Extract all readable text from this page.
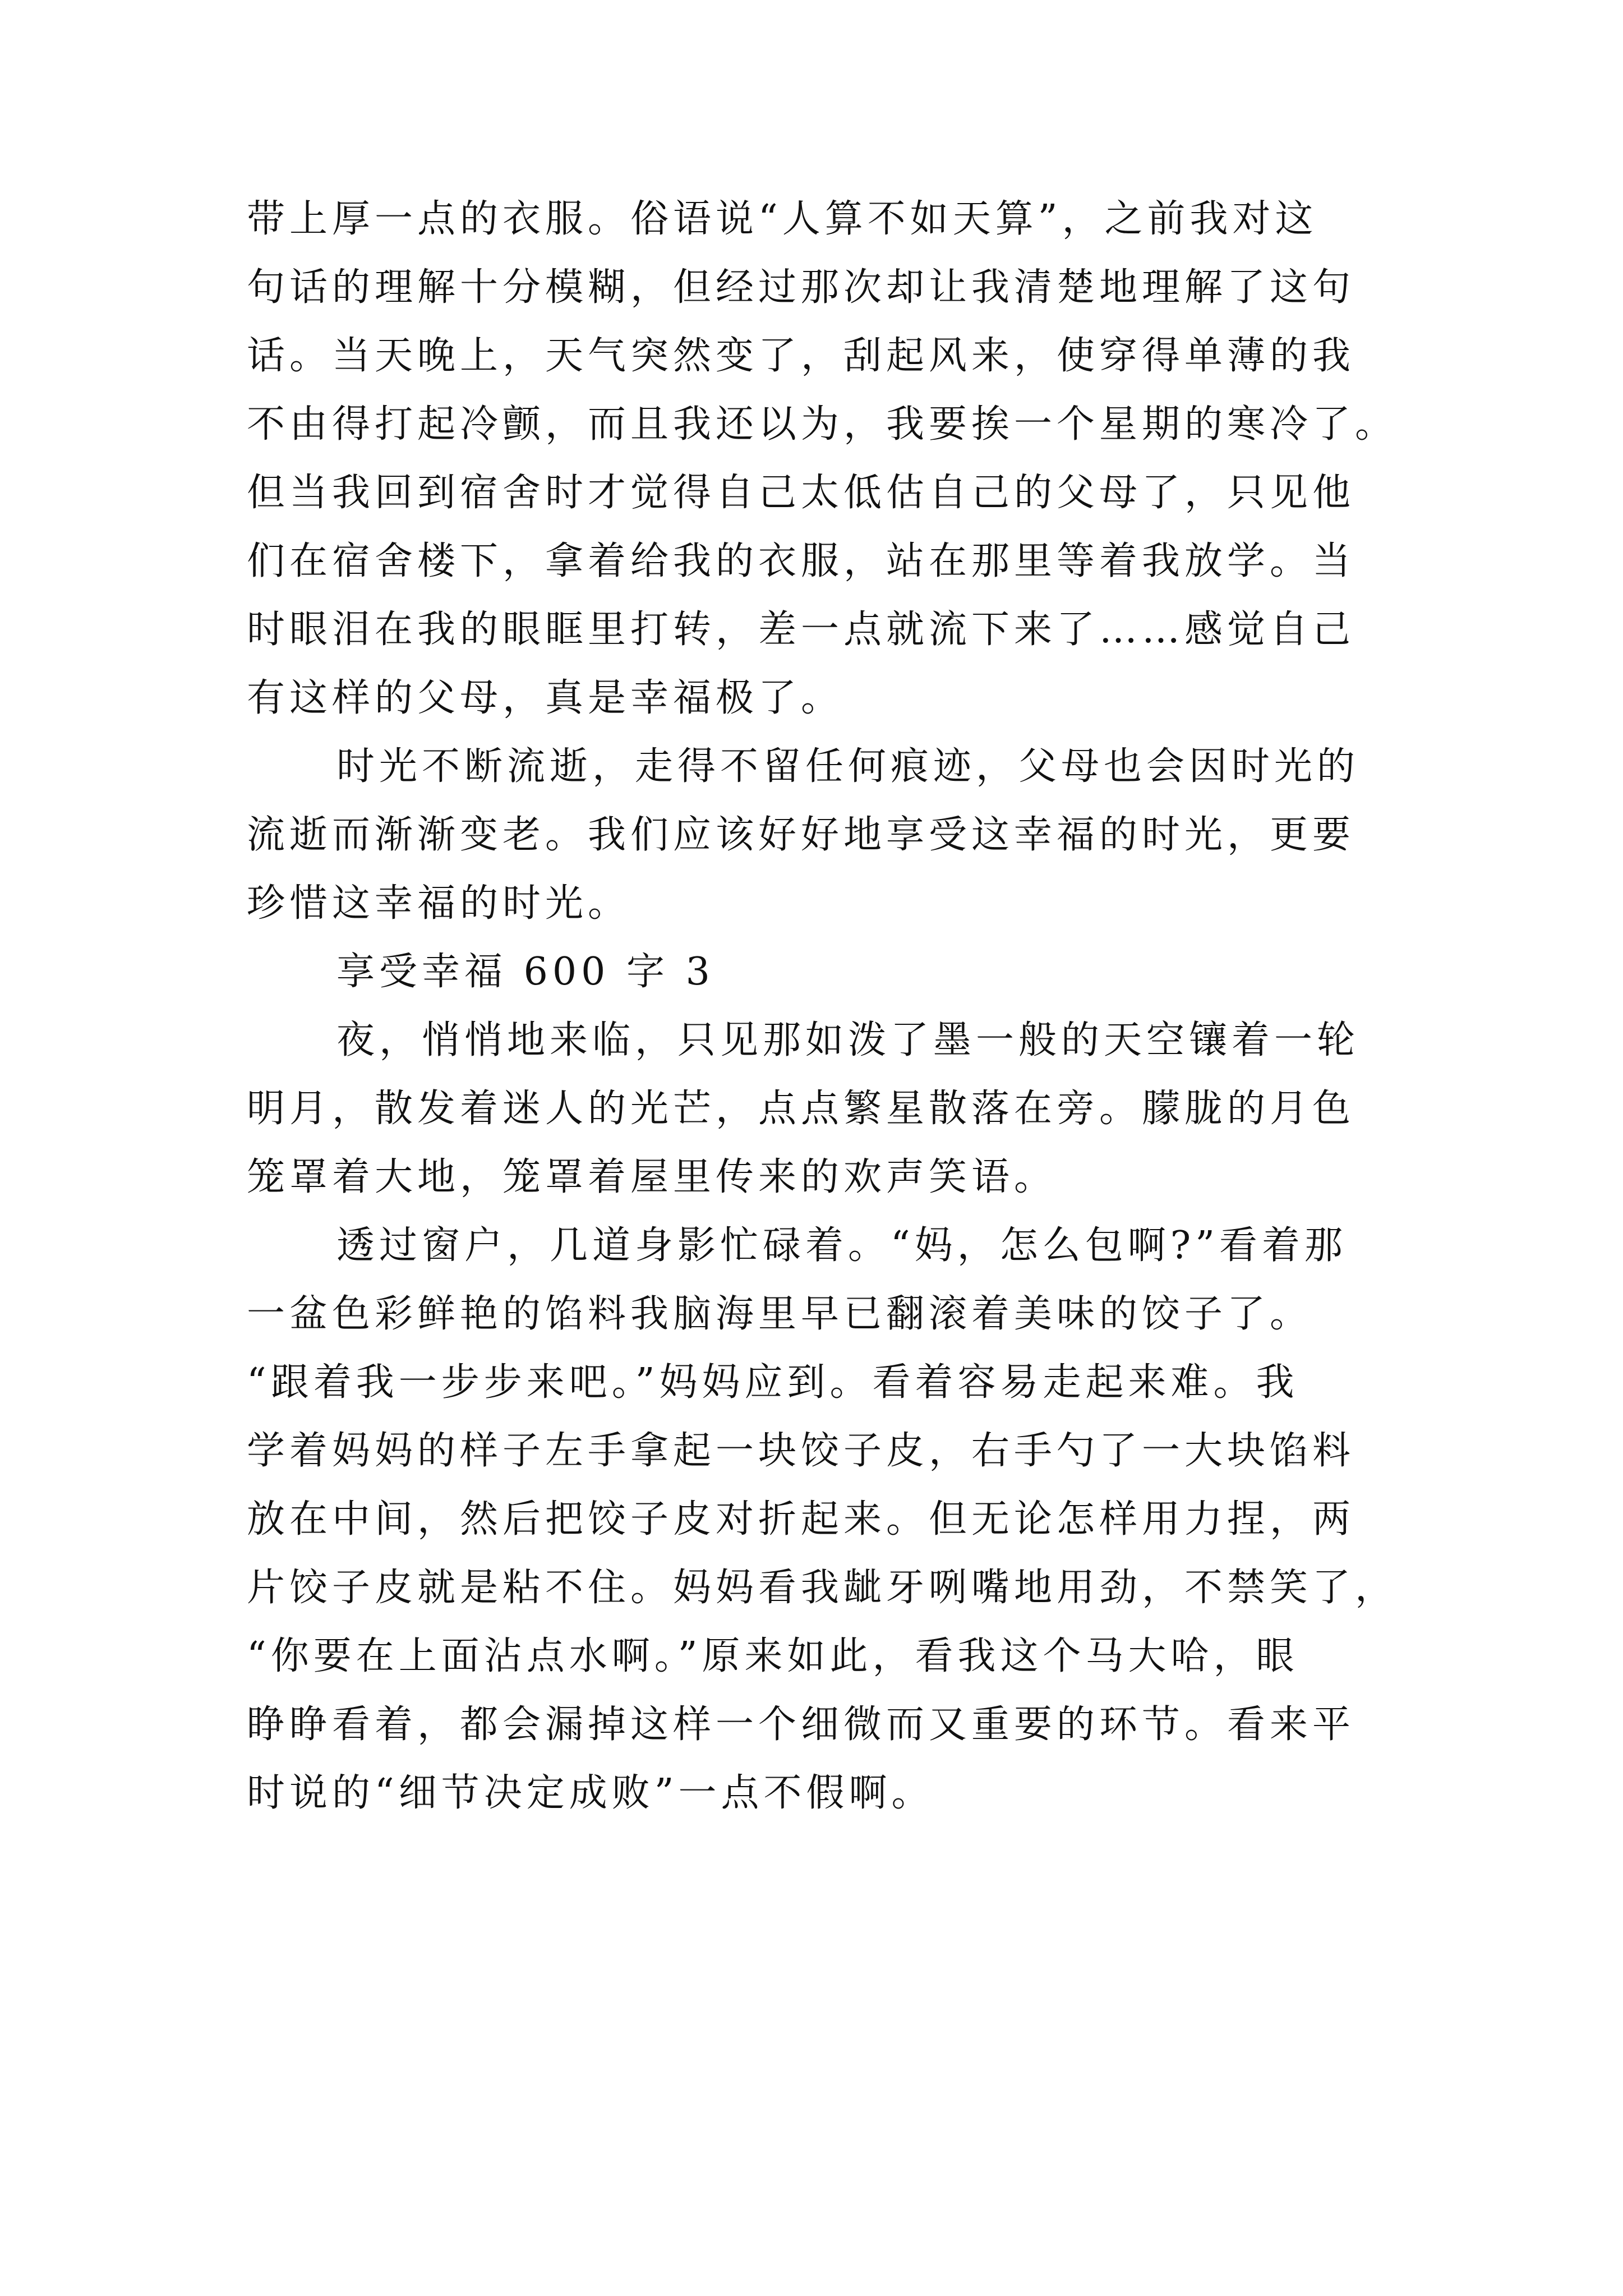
带上厚一点的衣服。俗语说“人算不如天算”，之前我对这
句话的理解十分模糊，但经过那次却让我清楚地理解了这句
话。当天晚上，天气突然变了，刮起风来，使穿得单薄的我
不由得打起冷颤，而且我还以为，我要挨一个星期的寒冷了。
但当我回到宿舍时才觉得自己太低估自己的父母了，只见他
们在宿舍楼下，拿着给我的衣服，站在那里等着我放学。当
时眼泪在我的眼眶里打转，差一点就流下来了……感觉自己
有这样的父母，真是幸福极了。
时光不断流逝，走得不留任何痕迹，父母也会因时光的
流逝而渐渐变老。我们应该好好地享受这幸福的时光，更要
珍惜这幸福的时光。
享受幸福 600 字 3
夜，悄悄地来临，只见那如泼了墨一般的天空镶着一轮
明月，散发着迷人的光芒，点点繁星散落在旁。朦胧的月色
笼罩着大地，笼罩着屋里传来的欢声笑语。
透过窗户，几道身影忙碌着。“妈，怎么包啊?”看着那
一盆色彩鲜艳的馅料我脑海里早已翻滚着美味的饺子了。
“跟着我一步步来吧。”妈妈应到。看着容易走起来难。我
学着妈妈的样子左手拿起一块饺子皮，右手勺了一大块馅料
放在中间，然后把饺子皮对折起来。但无论怎样用力捏，两
片饺子皮就是粘不住。妈妈看我龇牙咧嘴地用劲，不禁笑了，
“你要在上面沾点水啊。”原来如此，看我这个马大哈，眼
睁睁看着，都会漏掉这样一个细微而又重要的环节。看来平
时说的“细节决定成败”一点不假啊。
